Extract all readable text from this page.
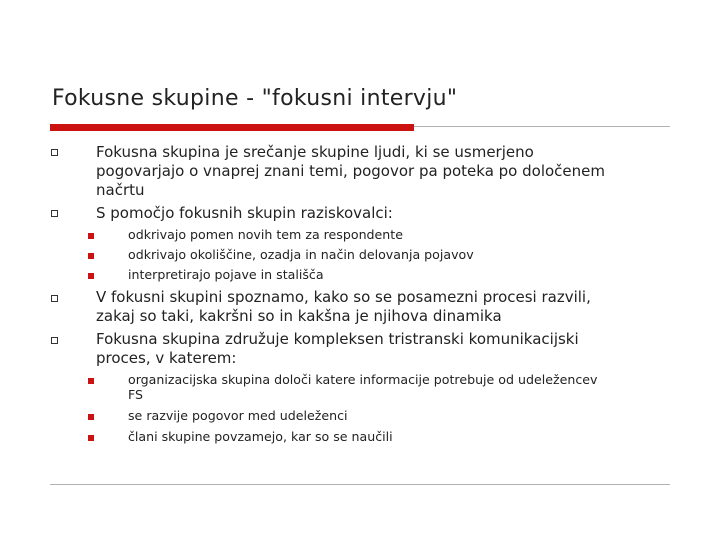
Fokusne skupine - "fokusni intervju"
Fokusna skupina je srečanje skupine ljudi, ki se usmerjeno
pogovarjajo o vnaprej znani temi, pogovor pa poteka po določenem
načrtu
S pomočjo fokusnih skupin raziskovalci:
odkrivajo pomen novih tem za respondente
odkrivajo okoliščine, ozadja in način delovanja pojavov
interpretirajo pojave in stališča
V fokusni skupini spoznamo, kako so se posamezni procesi razvili,
zakaj so taki, kakršni so in kakšna je njihova dinamika
Fokusna skupina združuje kompleksen tristranski komunikacijski
proces, v katerem:
organizacijska skupina določi katere informacije potrebuje od udeležencev
FS
se razvije pogovor med udeleženci
člani skupine povzamejo, kar so se naučili
